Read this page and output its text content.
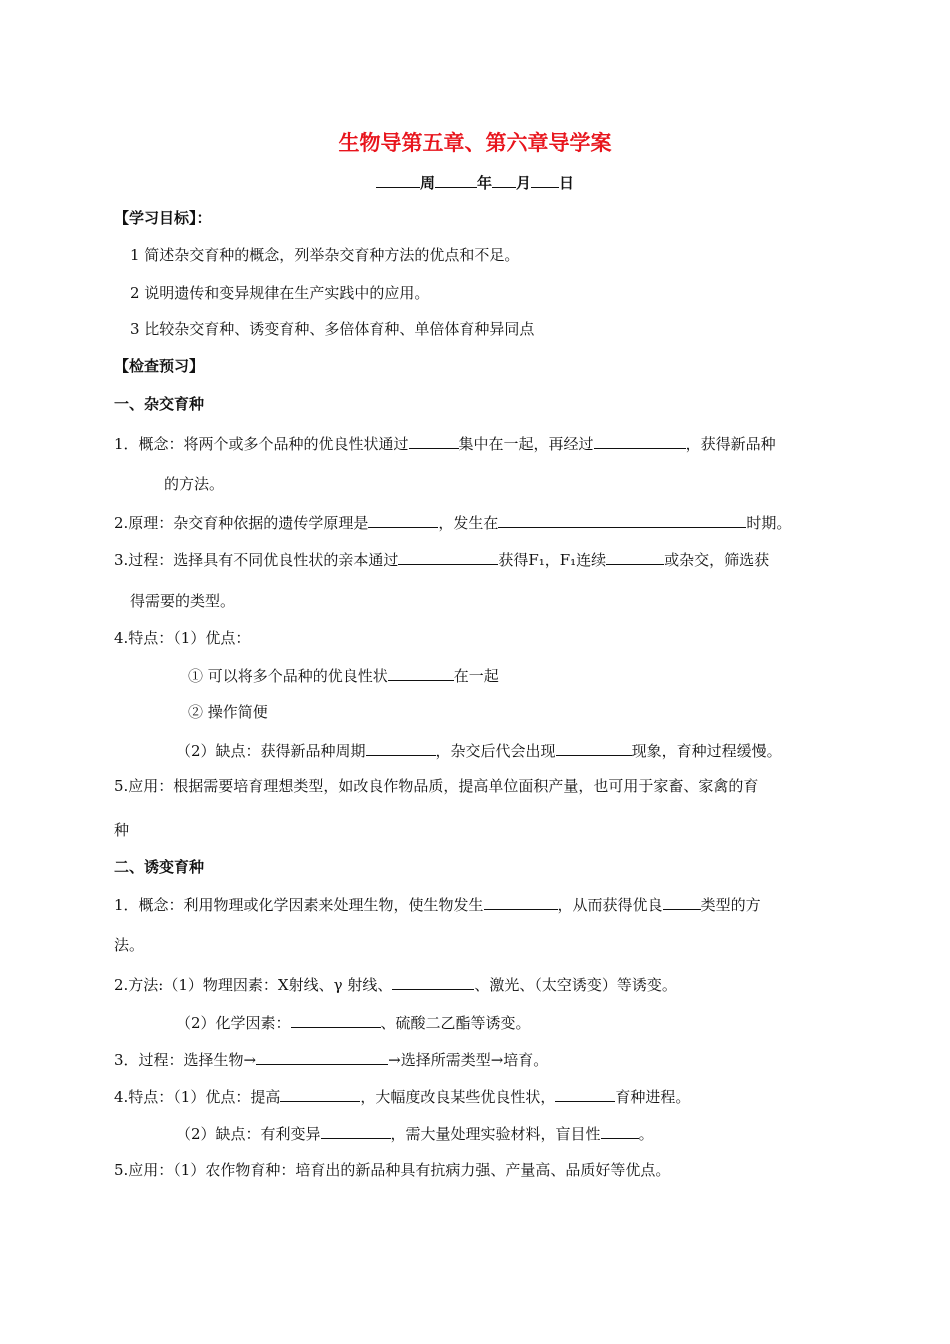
生物导第五章、第六章导学案
周	年 月 日
【学习目标】：
1 简述杂交育种的概念，列举杂交育种方法的优点和不足。
2 说明遗传和变异规律在生产实践中的应用。
3 比较杂交育种、诱变育种、多倍体育种、单倍体育种异同点
【检查预习】
一、杂交育种
1．概念：将两个或多个品种的优良性状通过	集中在一起，再经过	，获得新品种
的方法。
2.原理：杂交育种依据的遗传学原理是	，发生在	时期。
3.过程：选择具有不同优良性状的亲本通过	获得F₁，F₁连续	或杂交，筛选获
得需要的类型。
4.特点：（1）优点：
① 可以将多个品种的优良性状	在一起
② 操作简便
（2）缺点：获得新品种周期	，杂交后代会出现	现象，育种过程缓慢。
5.应用：根据需要培育理想类型，如改良作物品质，提高单位面积产量，也可用于家畜、家禽的育
种
二、诱变育种
1．概念：利用物理或化学因素来处理生物，使生物发生	，从而获得优良	类型的方
法。
2.方法:（1）物理因素：X射线、γ 射线、	、激光、（太空诱变）等诱变。
（2）化学因素：	、硫酸二乙酯等诱变。
3．过程：选择生物→	→选择所需类型→培育。
4.特点：（1）优点：提高	，大幅度改良某些优良性状，	育种进程。
（2）缺点：有利变异	，需大量处理实验材料，盲目性	。
5.应用：（1）农作物育种：培育出的新品种具有抗病力强、产量高、品质好等优点。
